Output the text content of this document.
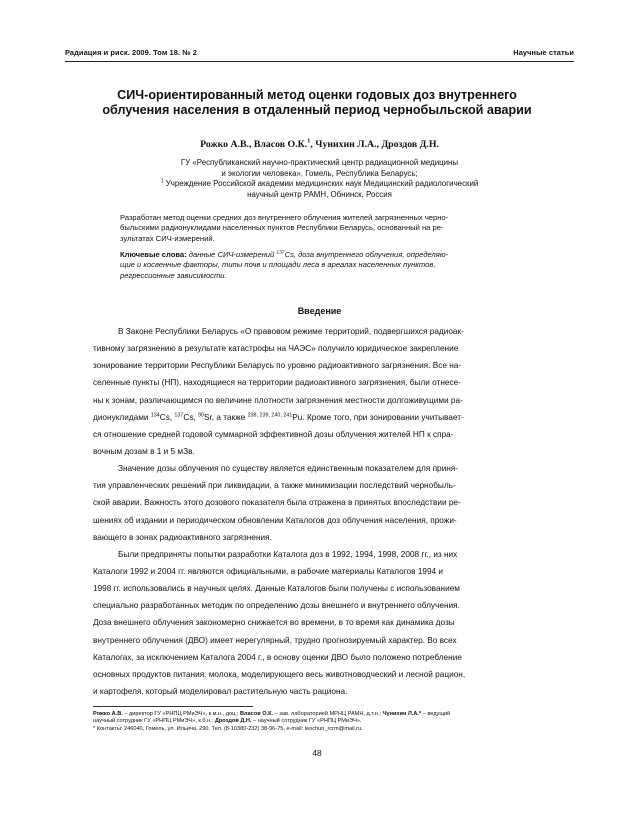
Радиация и риск. 2009. Том 18. № 2	Научные статьи
СИЧ-ориентированный метод оценки годовых доз внутреннего
облучения населения в отдаленный период чернобыльской аварии
Рожко А.В., Власов О.К.$^1$, Чунихин Л.А., Дроздов Д.Н.
ГУ «Республиканский научно-практический центр радиационной медицины
и экологии человека», Гомель, Республика Беларусь;
$^1$ Учреждение Российской академии медицинских наук Медицинский радиологический
научный центр РАМН, Обнинск, Россия
Разработан метод оценки средних доз внутреннего облучения жителей загрязненных черно-
быльскими радионуклидами населенных пунктов Республики Беларусь, основанный на ре-
зультатах СИЧ-измерений.
Ключевые слова: данные СИЧ-измерений $^{137}$Cs, доза внутреннего облучения, определяю-
щие и косвенные факторы, типы почв и площади леса в ареалах населенных пунктов,
регрессионные зависимости.
Введение
В Законе Республики Беларусь «О правовом режиме территорий, подвергшихся радиоак-
тивному загрязнению в результате катастрофы на ЧАЭС» получило юридическое закрепление
зонирование территории Республики Беларусь по уровню радиоактивного загрязнения. Все на-
селенные пункты (НП), находящиеся на территории радиоактивного загрязнения, были отнесе-
ны к зонам, различающимся по величине плотности загрязнения местности долгоживущими ра-
дионуклидами $^{134}$Cs, $^{137}$Cs, $^{90}$Sr, а также $^{238, 239, 240, 241}$Pu. Кроме того, при зонировании учитывает-
ся отношение средней годовой суммарной эффективной дозы облучения жителей НП к спра-
вочным дозам в 1 и 5 мЗв.
Значение дозы облучения по существу является единственным показателем для приня-
тия управленческих решений при ликвидации, а также минимизации последствий чернобыль-
ской аварии. Важность этого дозового показателя была отражена в принятых впоследствии ре-
шениях об издании и периодическом обновлении Каталогов доз облучения населения, прожи-
вающего в зонах радиоактивного загрязнения.
Были предприняты попытки разработки Каталога доз в 1992, 1994, 1998, 2008 гг., из них
Каталоги 1992 и 2004 гг. являются официальными, а рабочие материалы Каталогов 1994 и
1998 гг. использовались в научных целях. Данные Каталогов были получены с использованием
специально разработанных методик по определению дозы внешнего и внутреннего облучения.
Доза внешнего облучения закономерно снижается во времени, в то время как динамика дозы
внутреннего облучения (ДВО) имеет нерегулярный, трудно прогнозируемый характер. Во всех
Каталогах, за исключением Каталога 2004 г., в основу оценки ДВО было положено потребление
основных продуктов питания: молока, моделирующего весь животноводческий и лесной рацион,
и картофеля, который моделировал растительную часть рациона.
Рожко А.В. – директор ГУ «РНПЦ РМиЭЧ», к.м.н., доц.; Власов О.К. – зав. лабораторией МРНЦ РАМН, д.т.н.; Чунихин Л.А.* – ведущий
научный сотрудник ГУ «РНПЦ РМиЭЧ», к.б.н.; Дроздов Д.Н. – научный сотрудник ГУ «РНПЦ РМиЭЧ».
* Контакты: 246040, Гомель, ул. Ильича, 290. Тел. (8-10380-232) 38-96-75, e-mail: leochun_rcrm@mail.ru.
48
